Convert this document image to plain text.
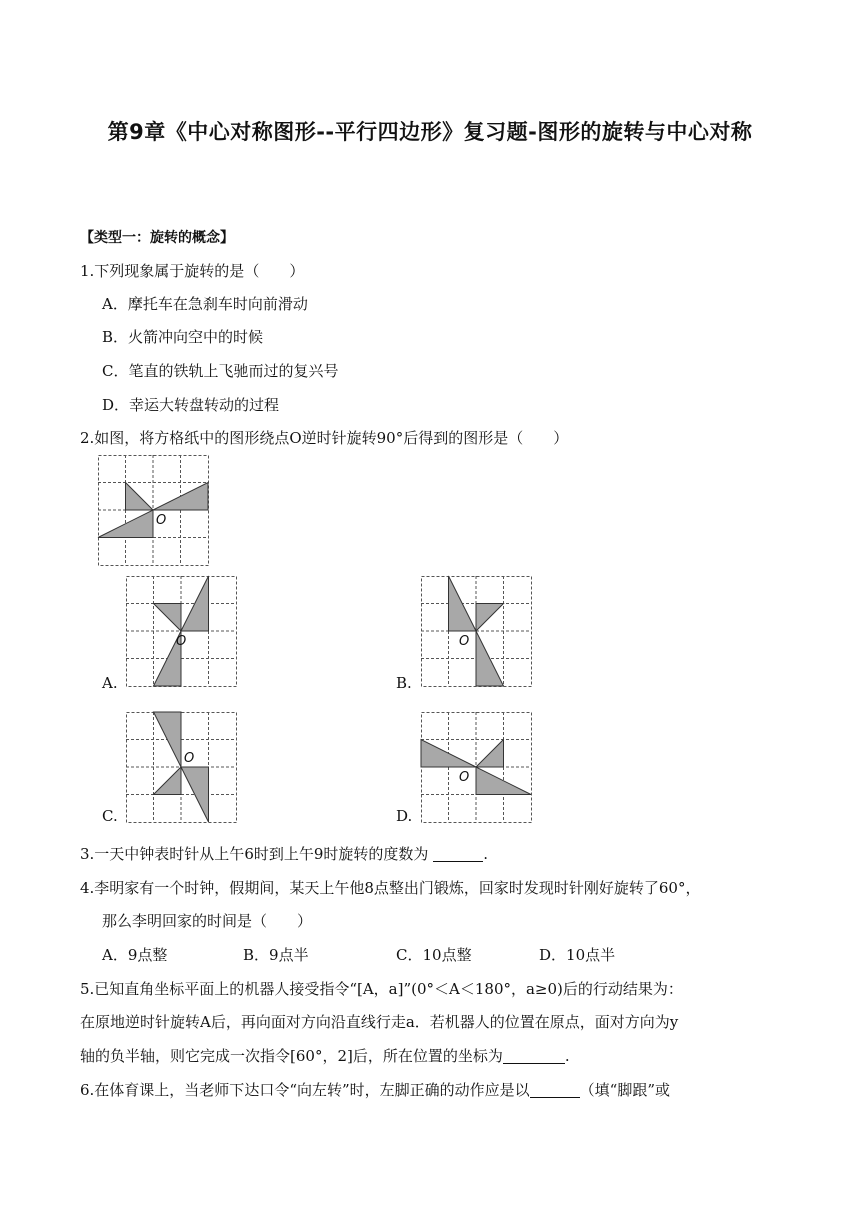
第9章《中心对称图形--平行四边形》复习题-图形的旋转与中心对称
【类型一：旋转的概念】
1.下列现象属于旋转的是（　　）
A．摩托车在急刹车时向前滑动
B．火箭冲向空中的时候
C．笔直的铁轨上飞驰而过的复兴号
D．幸运大转盘转动的过程
2.如图，将方格纸中的图形绕点O逆时针旋转90°后得到的图形是（　　）
O
O
A.
O
B.
O
C.
O
D.
3.一天中钟表时针从上午6时到上午9时旋转的度数为	.
4.李明家有一个时钟，假期间，某天上午他8点整出门锻炼，回家时发现时针刚好旋转了60°，
那么李明回家的时间是（　　）
A．9点整	B．9点半	C．10点整	D．10点半
5.已知直角坐标平面上的机器人接受指令“[A，a]”(0°＜A＜180°，a≥0)后的行动结果为：
在原地逆时针旋转A后，再向面对方向沿直线行走a．若机器人的位置在原点，面对方向为y
轴的负半轴，则它完成一次指令[60°，2]后，所在位置的坐标为	.
6.在体育课上，当老师下达口令“向左转”时，左脚正确的动作应是以	（填“脚跟”或
